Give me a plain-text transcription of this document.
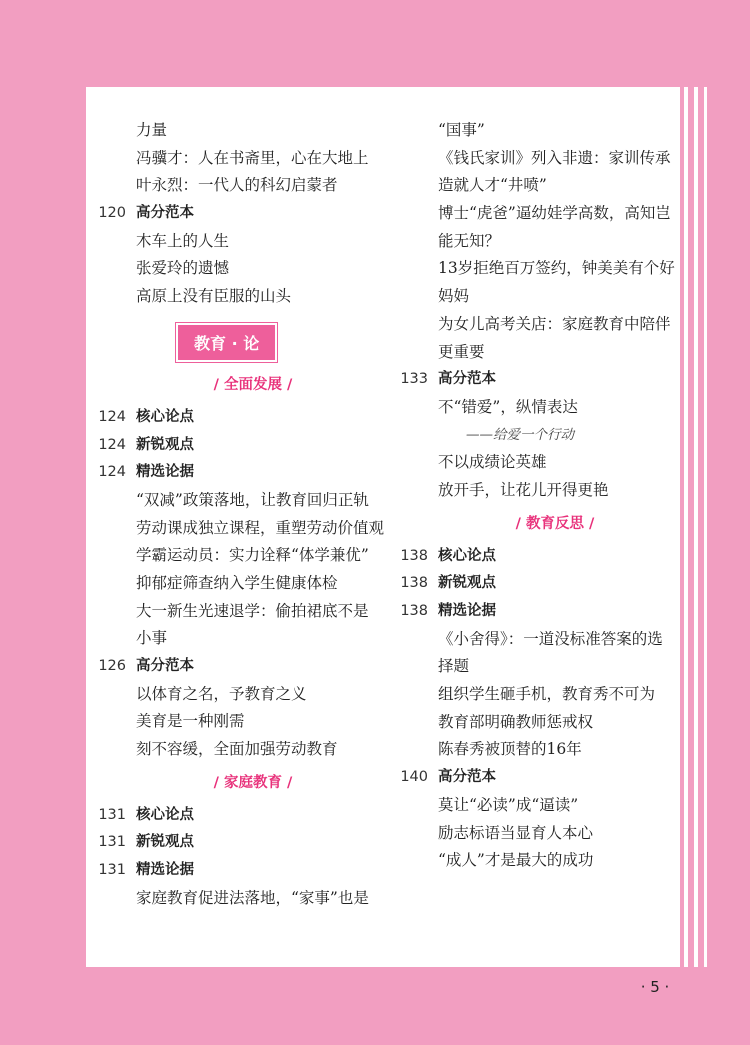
力量
冯骥才：人在书斋里，心在大地上
叶永烈：一代人的科幻启蒙者
120 高分范本
木车上的人生
张爱玲的遗憾
高原上没有臣服的山头
教育 · 论
/ 全面发展 /
124 核心论点
124 新锐观点
124 精选论据
“双减”政策落地，让教育回归正轨
劳动课成独立课程，重塑劳动价值观
学霸运动员：实力诠释“体学兼优”
抑郁症筛查纳入学生健康体检
大一新生光速退学：偷拍裙底不是
小事
126 高分范本
以体育之名，予教育之义
美育是一种刚需
刻不容缓，全面加强劳动教育
/ 家庭教育 /
131 核心论点
131 新锐观点
131 精选论据
家庭教育促进法落地，“家事”也是
“国事”
《钱氏家训》列入非遗：家训传承
造就人才“井喷”
博士“虎爸”逼幼娃学高数，高知岂
能无知？
13岁拒绝百万签约，钟美美有个好
妈妈
为女儿高考关店：家庭教育中陪伴
更重要
133 高分范本
不“错爱”，纵情表达
——给爱一个行动
不以成绩论英雄
放开手，让花儿开得更艳
/ 教育反思 /
138 核心论点
138 新锐观点
138 精选论据
《小舍得》：一道没标准答案的选
择题
组织学生砸手机，教育秀不可为
教育部明确教师惩戒权
陈春秀被顶替的16年
140 高分范本
莫让“必读”成“逼读”
励志标语当显育人本心
“成人”才是最大的成功
· 5 ·
